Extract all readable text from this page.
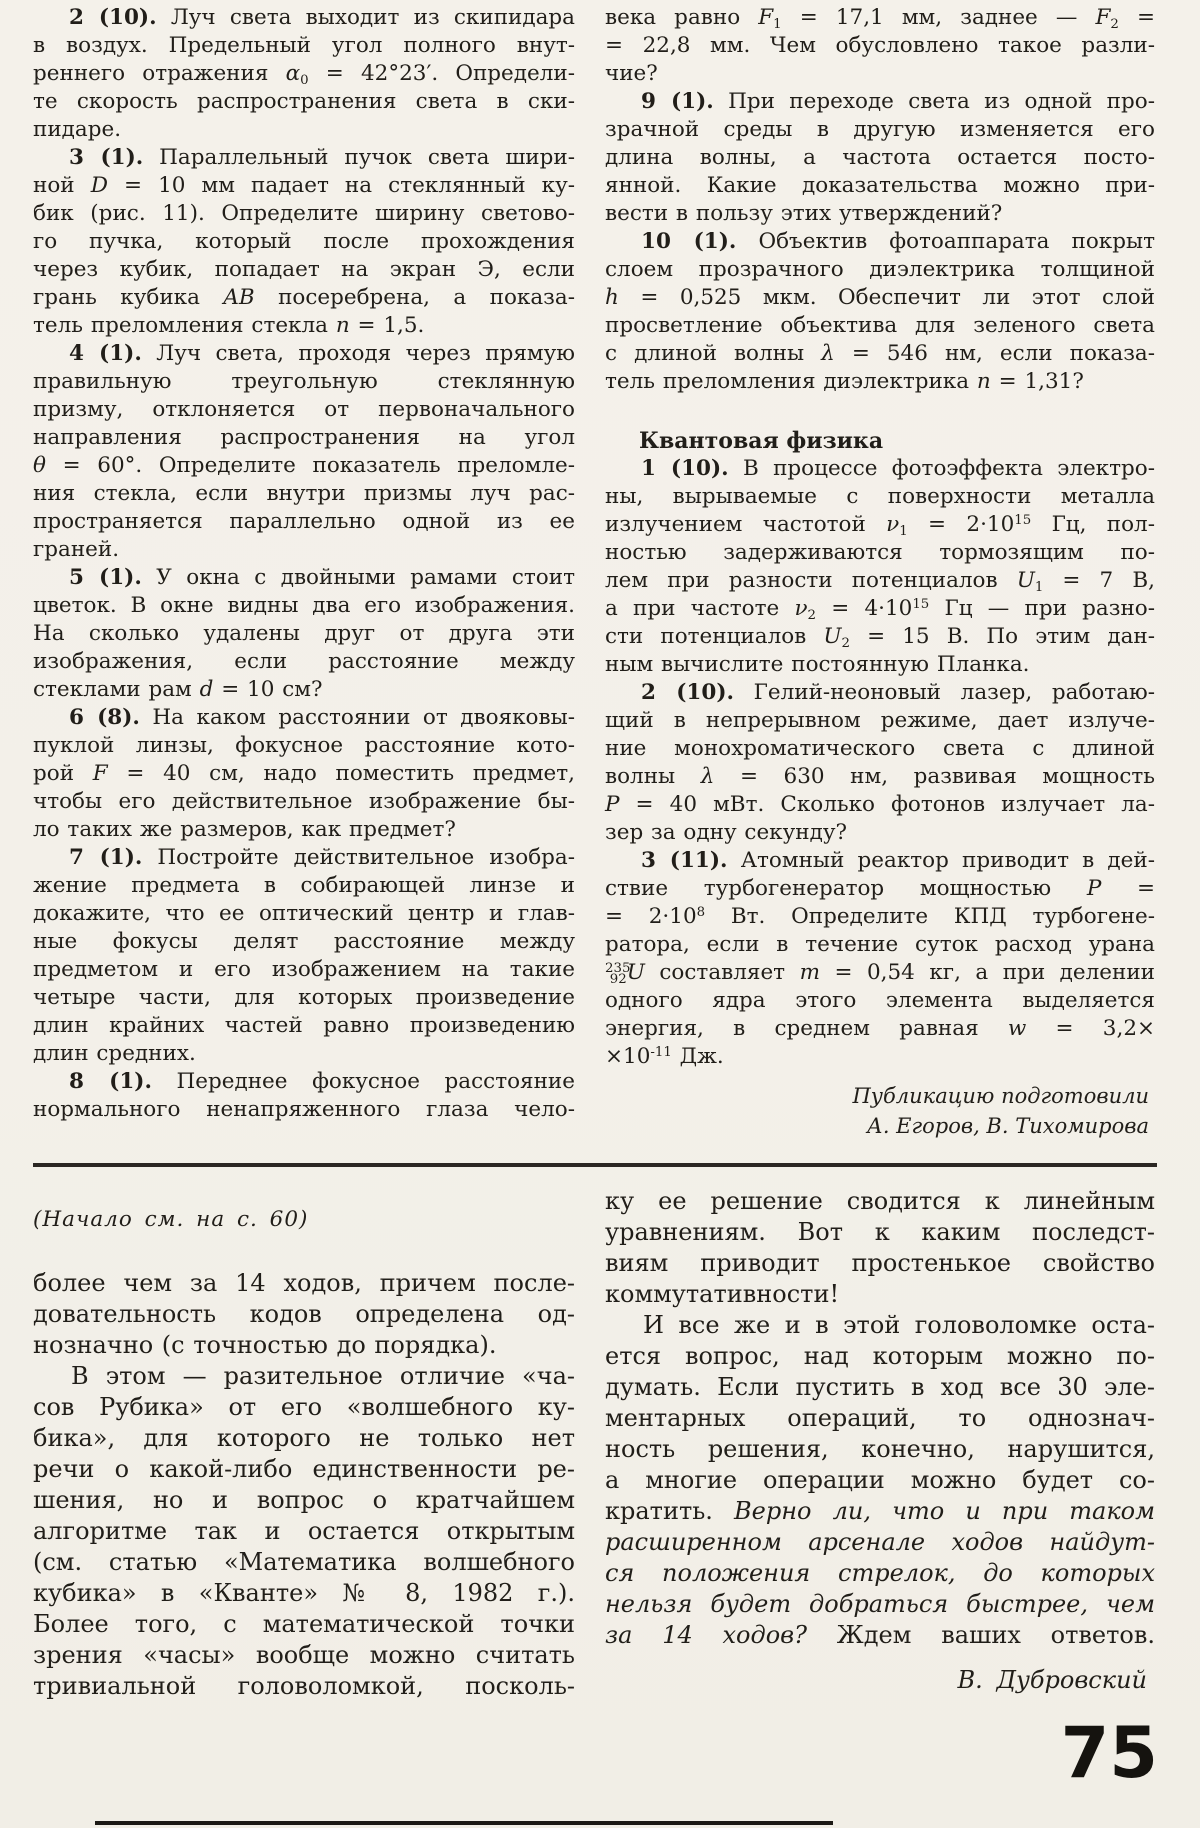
2 (10). Луч света выходит из скипидара
в воздух. Предельный угол полного внут-
реннего отражения $\alpha_0 = 42^\circ 23'$. Определи-
те скорость распространения света в ски-
пидаре.
3 (1). Параллельный пучок света шири-
ной D = 10 мм падает на стеклянный ку-
бик (рис. 11). Определите ширину светово-
го пучка, который после прохождения
через кубик, попадает на экран Э, если
грань кубика AB посеребрена, а показа-
тель преломления стекла n = 1,5.
4 (1). Луч света, проходя через прямую
правильную треугольную стеклянную
призму, отклоняется от первоначального
направления распространения на угол
θ = 60°. Определите показатель преломле-
ния стекла, если внутри призмы луч рас-
пространяется параллельно одной из ее
граней.
5 (1). У окна с двойными рамами стоит
цветок. В окне видны два его изображения.
На сколько удалены друг от друга эти
изображения, если расстояние между
стеклами рам d = 10 см?
6 (8). На каком расстоянии от двояковы-
пуклой линзы, фокусное расстояние кото-
рой F = 40 см, надо поместить предмет,
чтобы его действительное изображение бы-
ло таких же размеров, как предмет?
7 (1). Постройте действительное изобра-
жение предмета в собирающей линзе и
докажите, что ее оптический центр и глав-
ные фокусы делят расстояние между
предметом и его изображением на такие
четыре части, для которых произведение
длин крайних частей равно произведению
длин средних.
8 (1). Переднее фокусное расстояние
нормального ненапряженного глаза чело-
века равно $F_1 = 17,1$ мм, заднее — $F_2$ =
= 22,8 мм. Чем обусловлено такое разли-
чие?
9 (1). При переходе света из одной про-
зрачной среды в другую изменяется его
длина волны, а частота остается посто-
янной. Какие доказательства можно при-
вести в пользу этих утверждений?
10 (1). Объектив фотоаппарата покрыт
слоем прозрачного диэлектрика толщиной
h = 0,525 мкм. Обеспечит ли этот слой
просветление объектива для зеленого света
с длиной волны λ = 546 нм, если показа-
тель преломления диэлектрика n = 1,31?
Квантовая физика
1 (10). В процессе фотоэффекта электро-
ны, вырываемые с поверхности металла
излучением частотой $\nu_1 = 2\cdot 10^{15}$ Гц, пол-
ностью задерживаются тормозящим по-
лем при разности потенциалов $U_1 = 7$ В,
а при частоте $\nu_2 = 4\cdot 10^{15}$ Гц — при разно-
сти потенциалов $U_2 = 15$ В. По этим дан-
ным вычислите постоянную Планка.
2 (10). Гелий-неоновый лазер, работаю-
щий в непрерывном режиме, дает излуче-
ние монохроматического света с длиной
волны λ = 630 нм, развивая мощность
P = 40 мВт. Сколько фотонов излучает ла-
зер за одну секунду?
3 (11). Атомный реактор приводит в дей-
ствие турбогенератор мощностью P =
= $2\cdot 10^8$ Вт. Определите КПД турбогене-
ратора, если в течение суток расход урана
$^{235}_{92}$U составляет m = 0,54 кг, а при делении
одного ядра этого элемента выделяется
энергия, в среднем равная w = 3,2×
$\times 10^{-11}$ Дж.
Публикацию подготовили
А. Егоров, В. Тихомирова
(Начало см. на с. 60)
более чем за 14 ходов, причем после-
довательность кодов определена од-
нозначно (с точностью до порядка).
В этом — разительное отличие «ча-
сов Рубика» от его «волшебного ку-
бика», для которого не только нет
речи о какой-либо единственности ре-
шения, но и вопрос о кратчайшем
алгоритме так и остается открытым
(см. статью «Математика волшебного
кубика» в «Кванте» № 8, 1982 г.).
Более того, с математической точки
зрения «часы» вообще можно считать
тривиальной головоломкой, посколь-
ку ее решение сводится к линейным
уравнениям. Вот к каким последст-
виям приводит простенькое свойство
коммутативности!
И все же и в этой головоломке оста-
ется вопрос, над которым можно по-
думать. Если пустить в ход все 30 эле-
ментарных операций, то однознач-
ность решения, конечно, нарушится,
а многие операции можно будет со-
кратить. Верно ли, что и при таком
расширенном арсенале ходов найдут-
ся положения стрелок, до которых
нельзя будет добраться быстрее, чем
за 14 ходов? Ждем ваших ответов.
В. Дубровский
75
